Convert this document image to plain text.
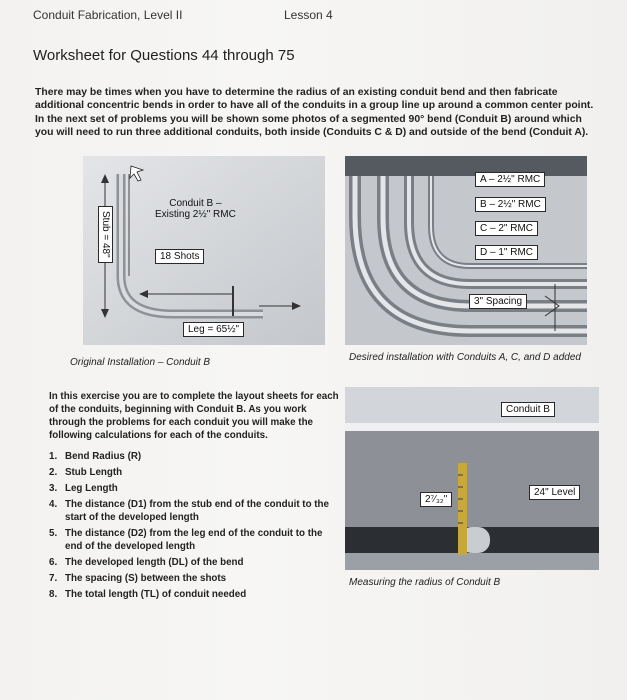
Conduit Fabrication, Level II	Lesson 4
Worksheet for Questions 44 through 75
There may be times when you have to determine the radius of an existing conduit bend and then fabricate additional concentric bends in order to have all of the conduits in a group line up around a common center point. In the next set of problems you will be shown some photos of a segmented 90° bend (Conduit B) around which you will need to run three additional conduits, both inside (Conduits C & D) and outside of the bend (Conduit A).
Stub = 48"
Conduit B –
Existing 2½" RMC
18 Shots
Leg = 65½"
Original Installation – Conduit B
A – 2½" RMC
B – 2½" RMC
C – 2" RMC
D – 1" RMC
3" Spacing
Desired installation with Conduits A, C, and D added
Conduit B
24" Level
2⁷⁄₃₂"
Measuring the radius of Conduit B
In this exercise you are to complete the layout sheets for each of the conduits, beginning with Conduit B. As you work through the problems for each conduit you will make the following calculations for each of the conduits.
1. Bend Radius (R)
2. Stub Length
3. Leg Length
4. The distance (D1) from the stub end of the conduit to the start of the developed length
5. The distance (D2) from the leg end of the conduit to the end of the developed length
6. The developed length (DL) of the bend
7. The spacing (S) between the shots
8. The total length (TL) of conduit needed
